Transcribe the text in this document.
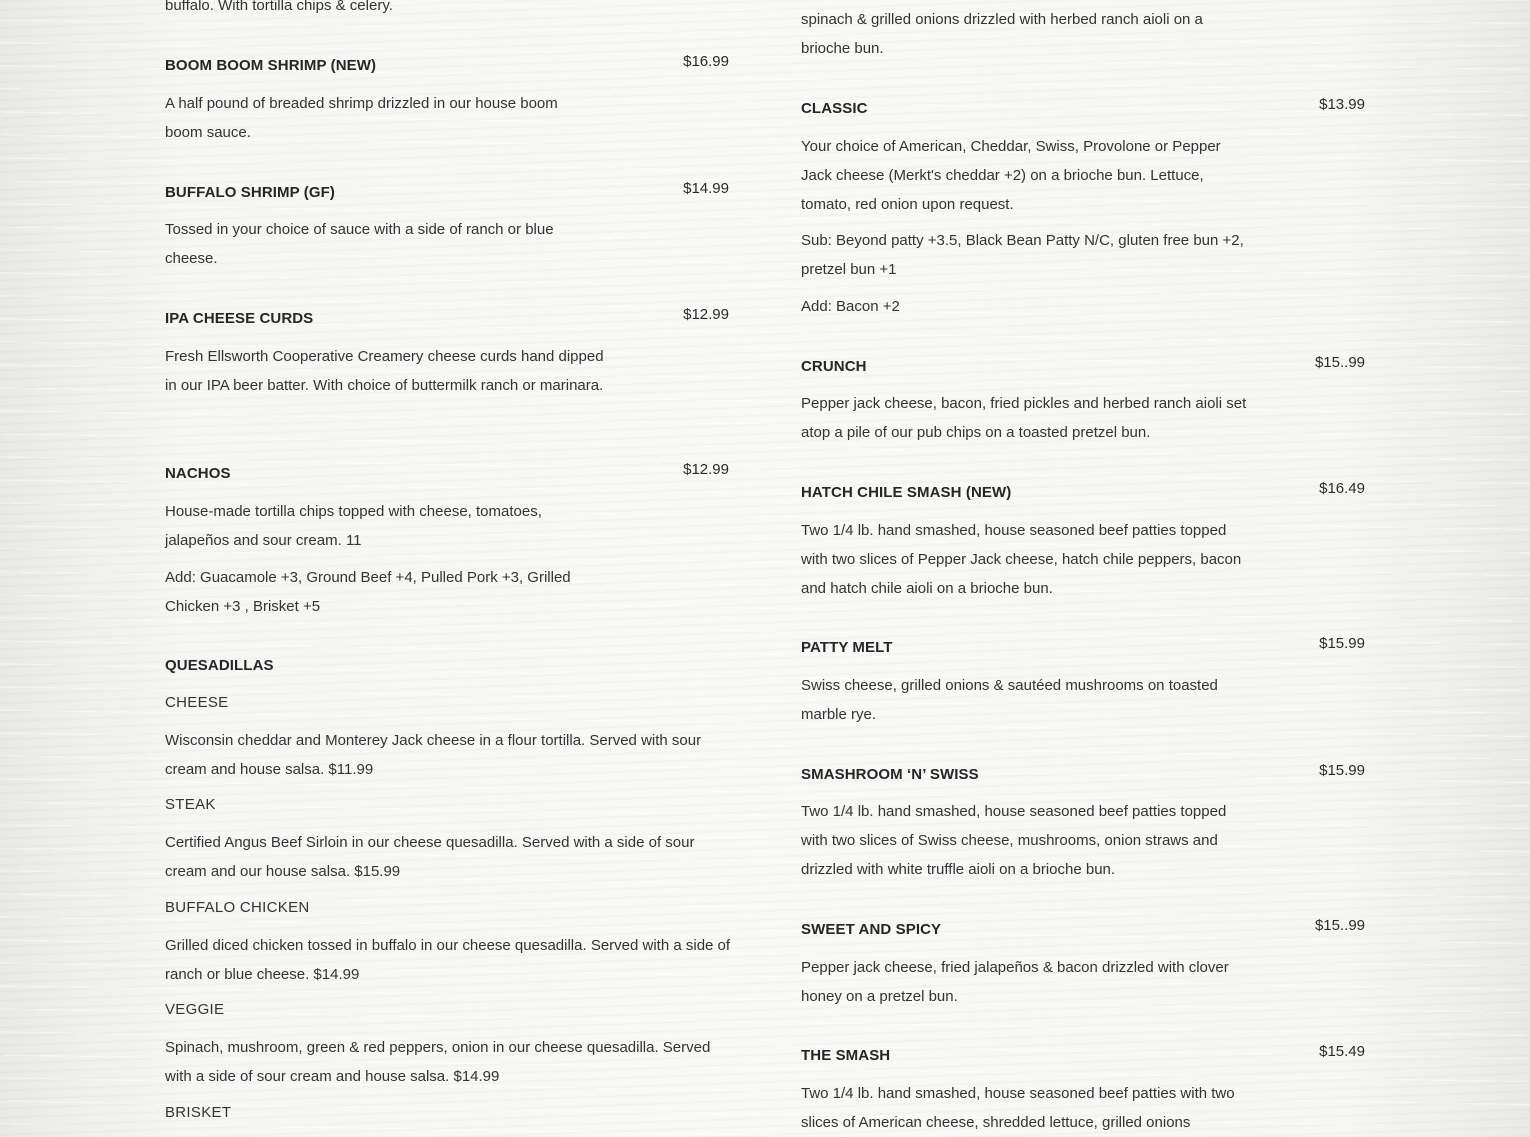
buffalo. With tortilla chips & celery.

BOOM BOOM SHRIMP (NEW)	$16.99

A half pound of breaded shrimp drizzled in our house boom boom sauce.

BUFFALO SHRIMP (GF)	$14.99

Tossed in your choice of sauce with a side of ranch or blue cheese.

IPA CHEESE CURDS	$12.99

Fresh Ellsworth Cooperative Creamery cheese curds hand dipped in our IPA beer batter. With choice of buttermilk ranch or marinara.

NACHOS	$12.99

House-made tortilla chips topped with cheese, tomatoes, jalapeños and sour cream. 11

Add: Guacamole +3, Ground Beef +4, Pulled Pork +3, Grilled Chicken +3 , Brisket +5

QUESADILLAS

CHEESE

Wisconsin cheddar and Monterey Jack cheese in a flour tortilla. Served with sour cream and house salsa. $11.99

STEAK

Certified Angus Beef Sirloin in our cheese quesadilla. Served with a side of sour cream and our house salsa. $15.99

BUFFALO CHICKEN

Grilled diced chicken tossed in buffalo in our cheese quesadilla. Served with a side of ranch or blue cheese. $14.99

VEGGIE

Spinach, mushroom, green & red peppers, onion in our cheese quesadilla. Served with a side of sour cream and house salsa. $14.99

BRISKET

spinach & grilled onions drizzled with herbed ranch aioli on a brioche bun.

CLASSIC	$13.99

Your choice of American, Cheddar, Swiss, Provolone or Pepper Jack cheese (Merkt's cheddar +2) on a brioche bun. Lettuce, tomato, red onion upon request.

Sub: Beyond patty +3.5, Black Bean Patty N/C, gluten free bun +2, pretzel bun +1

Add: Bacon +2

CRUNCH	$15..99

Pepper jack cheese, bacon, fried pickles and herbed ranch aioli set atop a pile of our pub chips on a toasted pretzel bun.

HATCH CHILE SMASH (NEW)	$16.49

Two 1/4 lb. hand smashed, house seasoned beef patties topped with two slices of Pepper Jack cheese, hatch chile peppers, bacon and hatch chile aioli on a brioche bun.

PATTY MELT	$15.99

Swiss cheese, grilled onions & sautéed mushrooms on toasted marble rye.

SMASHROOM ‘N’ SWISS	$15.99

Two 1/4 lb. hand smashed, house seasoned beef patties topped with two slices of Swiss cheese, mushrooms, onion straws and drizzled with white truffle aioli on a brioche bun.

SWEET AND SPICY	$15..99

Pepper jack cheese, fried jalapeños & bacon drizzled with clover honey on a pretzel bun.

THE SMASH	$15.49

Two 1/4 lb. hand smashed, house seasoned beef patties with two slices of American cheese, shredded lettuce, grilled onions
